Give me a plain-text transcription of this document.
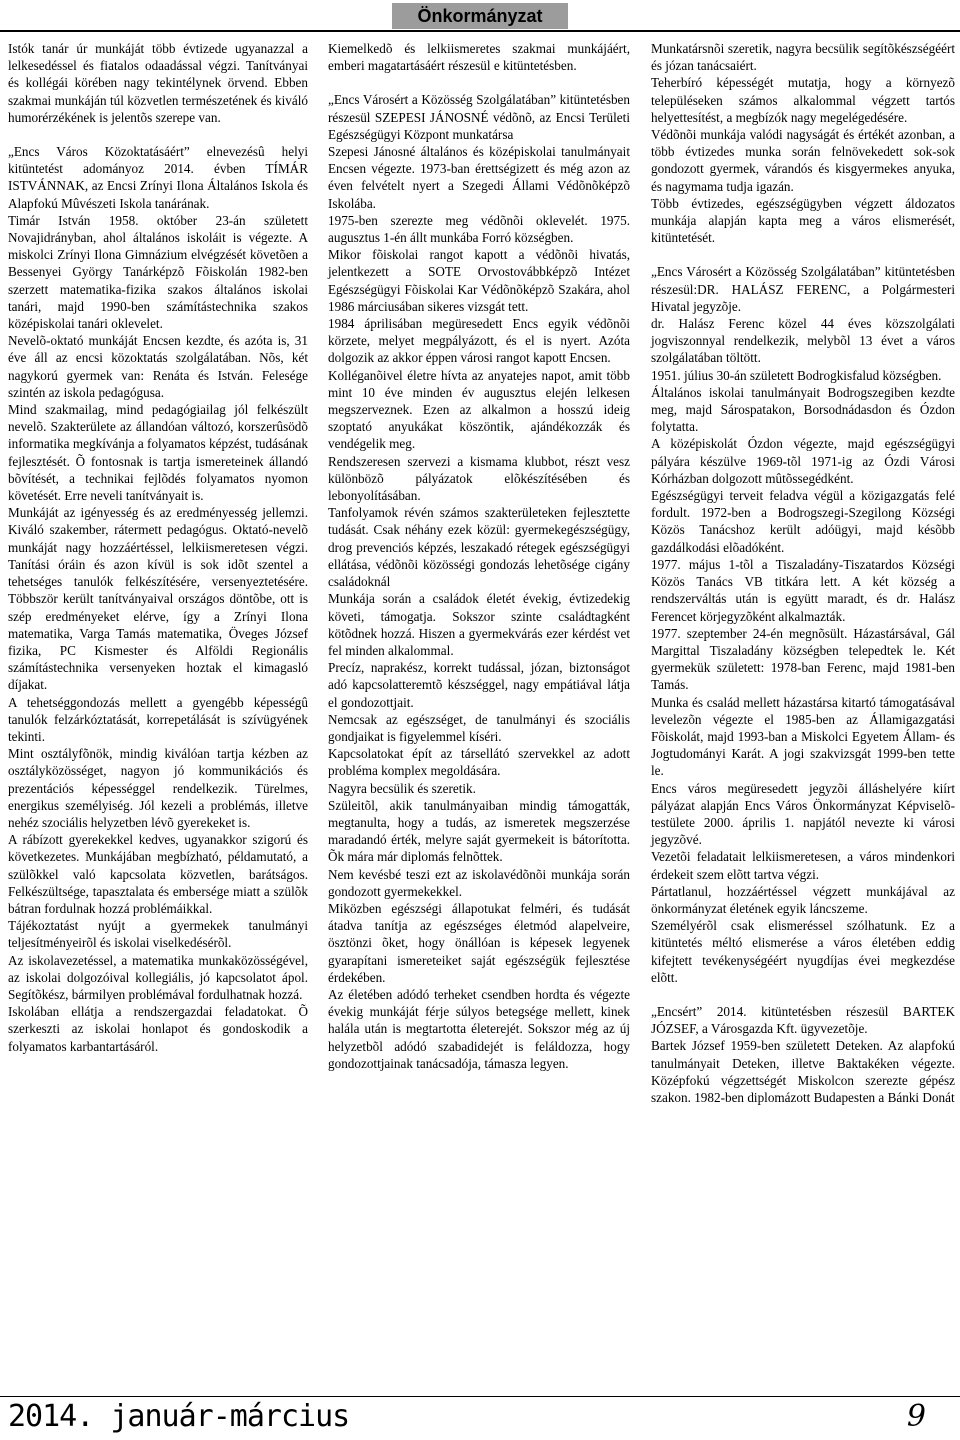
Önkormányzat

Istók tanár úr munkáját több évtizede ugyanazzal a lelkesedéssel és fiatalos odaadással végzi. Tanítványai és kollégái körében nagy tekintélynek örvend. Ebben szakmai munkáján túl közvetlen természetének és kiváló humorérzékének is jelentõs szerepe van.

„Encs Város Közoktatásáért” elnevezésû helyi kitüntetést adományoz 2014. évben TÍMÁR ISTVÁNNAK, az Encsi Zrínyi Ilona Általános Iskola és Alapfokú Mûvészeti Iskola tanárának.

Timár István 1958. október 23-án született Novajidrányban, ahol általános iskoláit is végezte. A miskolci Zrínyi Ilona Gimnázium elvégzését követõen a Bessenyei György Tanárképzõ Fõiskolán 1982-ben szerzett matematika-fizika szakos általános iskolai tanári, majd 1990-ben számítástechnika szakos középiskolai tanári oklevelet.

Nevelõ-oktató munkáját Encsen kezdte, és azóta is, 31 éve áll az encsi közoktatás szolgálatában. Nõs, két nagykorú gyermek van: Renáta és István. Felesége szintén az iskola pedagógusa.

Mind szakmailag, mind pedagógiailag jól felkészült nevelõ. Szakterülete az állandóan változó, korszerûsödõ informatika megkívánja a folyamatos képzést, tudásának fejlesztését. Õ fontosnak is tartja ismereteinek állandó bõvítését, a technikai fejlõdés folyamatos nyomon követését. Erre neveli tanítványait is.

Munkáját az igényesség és az eredményesség jellemzi. Kiváló szakember, rátermett pedagógus. Oktató-nevelõ munkáját nagy hozzáértéssel, lelkiismeretesen végzi. Tanítási óráin és azon kívül is sok idõt szentel a tehetséges tanulók felkészítésére, versenyeztetésére. Többször került tanítványaival országos döntõbe, ott is szép eredményeket elérve, így a Zrínyi Ilona matematika, Varga Tamás matematika, Öveges József fizika, PC Kismester és Alföldi Regionális számítástechnika versenyeken hoztak el kimagasló díjakat.

A tehetséggondozás mellett a gyengébb képességû tanulók felzárkóztatását, korrepetálását is szívügyének tekinti.

Mint osztályfõnök, mindig kiválóan tartja kézben az osztályközösséget, nagyon jó kommunikációs és prezentációs képességgel rendelkezik. Türelmes, energikus személyiség. Jól kezeli a problémás, illetve nehéz szociális helyzetben lévõ gyerekeket is.

A rábízott gyerekekkel kedves, ugyanakkor szigorú és következetes. Munkájában megbízható, példamutató, a szülõkkel való kapcsolata közvetlen, barátságos. Felkészültsége, tapasztalata és embersége miatt a szülõk bátran fordulnak hozzá problémáikkal.

Tájékoztatást nyújt a gyermekek tanulmányi teljesítményeirõl és iskolai viselkedésérõl.

Az iskolavezetéssel, a matematika munkaközösségével, az iskolai dolgozóival kollegiális, jó kapcsolatot ápol. Segítõkész, bármilyen problémával fordulhatnak hozzá.

Iskolában ellátja a rendszergazdai feladatokat. Õ szerkeszti az iskolai honlapot és gondoskodik a folyamatos karbantartásáról.

Kiemelkedõ és lelkiismeretes szakmai munkájáért, emberi magatartásáért részesül e kitüntetésben.

„Encs Városért a Közösség Szolgálatában” kitüntetésben részesül SZEPESI JÁNOSNÉ védõnõ, az Encsi Területi Egészségügyi Központ munkatársa

Szepesi Jánosné általános és középiskolai tanulmányait Encsen végezte. 1973-ban érettségizett és még azon az éven felvételt nyert a Szegedi Állami Védõnõképzõ Iskolába.

1975-ben szerezte meg védõnõi oklevelét. 1975. augusztus 1-én állt munkába Forró községben.

Mikor fõiskolai rangot kapott a védõnõi hivatás, jelentkezett a SOTE Orvostovábbképzõ Intézet Egészségügyi Fõiskolai Kar Védõnõképzõ Szakára, ahol 1986 márciusában sikeres vizsgát tett.

1984 áprilisában megüresedett Encs egyik védõnõi körzete, melyet megpályázott, és el is nyert. Azóta dolgozik az akkor éppen városi rangot kapott Encsen.

Kolléganõivel életre hívta az anyatejes napot, amit több mint 10 éve minden év augusztus elején lelkesen megszerveznek. Ezen az alkalmon a hosszú ideig szoptató anyukákat köszöntik, ajándékozzák és vendégelik meg.

Rendszeresen szervezi a kismama klubbot, részt vesz különbözõ pályázatok elõkészítésében és lebonyolításában.

Tanfolyamok révén számos szakterületeken fejlesztette tudását. Csak néhány ezek közül: gyermekegészségügy, drog prevenciós képzés, leszakadó rétegek egészségügyi ellátása, védõnõi közösségi gondozás lehetõsége cigány családoknál

Munkája során a családok életét évekig, évtizedekig követi, támogatja. Sokszor szinte családtagként kötõdnek hozzá. Hiszen a gyermekvárás ezer kérdést vet fel minden alkalommal.

Precíz, naprakész, korrekt tudással, józan, biztonságot adó kapcsolatteremtõ készséggel, nagy empátiával látja el gondozottjait.

Nemcsak az egészséget, de tanulmányi és szociális gondjaikat is figyelemmel kíséri.

Kapcsolatokat épít az társellátó szervekkel az adott probléma komplex megoldására.

Nagyra becsülik és szeretik.

Szüleitõl, akik tanulmányaiban mindig támogatták, megtanulta, hogy a tudás, az ismeretek megszerzése maradandó érték, melyre saját gyermekeit is bátorította. Õk mára már diplomás felnõttek.

Nem kevésbé teszi ezt az iskolavédõnõi munkája során gondozott gyermekekkel.

Miközben egészségi állapotukat felméri, és tudását átadva tanítja az egészséges életmód alapelveire, ösztönzi õket, hogy önállóan is képesek legyenek gyarapítani ismereteiket saját egészségük fejlesztése érdekében.

Az életében adódó terheket csendben hordta és végezte évekig munkáját férje súlyos betegsége mellett, kinek halála után is megtartotta életerejét. Sokszor még az új helyzetbõl adódó szabadidejét is feláldozza, hogy gondozottjainak tanácsadója, támasza legyen.

Munkatársnõi szeretik, nagyra becsülik segítõkészségéért és józan tanácsaiért.

Teherbíró képességét mutatja, hogy a környezõ településeken számos alkalommal végzett tartós helyettesítést, a megbízók nagy megelégedésére.

Védõnõi munkája valódi nagyságát és értékét azonban, a több évtizedes munka során felnövekedett sok-sok gondozott gyermek, várandós és kisgyermekes anyuka, és nagymama tudja igazán.

Több évtizedes, egészségügyben végzett áldozatos munkája alapján kapta meg a város elismerését, kitüntetését.

„Encs Városért a Közösség Szolgálatában” kitüntetésben részesül:DR. HALÁSZ FERENC, a Polgármesteri Hivatal jegyzõje.

dr. Halász Ferenc közel 44 éves közszolgálati jogviszonnyal rendelkezik, melybõl 13 évet a város szolgálatában töltött.

1951. július 30-án született Bodrogkisfalud községben.

Általános iskolai tanulmányait Bodrogszegiben kezdte meg, majd Sárospatakon, Borsodnádasdon és Ózdon folytatta.

A középiskolát Ózdon végezte, majd egészségügyi pályára készülve 1969-tõl 1971-ig az Ózdi Városi Kórházban dolgozott mûtõssegédként.

Egészségügyi terveit feladva végül a közigazgatás felé fordult. 1972-ben a Bodrogszegi-Szegilong Községi Közös Tanácshoz került adóügyi, majd késõbb gazdálkodási elõadóként.

1977. május 1-tõl a Tiszaladány-Tiszatardos Községi Közös Tanács VB titkára lett. A két község a rendszerváltás után is együtt maradt, és dr. Halász Ferencet körjegyzõként alkalmazták.

1977. szeptember 24-én megnõsült. Házastársával, Gál Margittal Tiszaladány községben telepedtek le. Két gyermekük született: 1978-ban Ferenc, majd 1981-ben Tamás.

Munka és család mellett házastársa kitartó támogatásával levelezõn végezte el 1985-ben az Államigazgatási Fõiskolát, majd 1993-ban a Miskolci Egyetem Állam- és Jogtudományi Karát. A jogi szakvizsgát 1999-ben tette le.

Encs város megüresedett jegyzõi álláshelyére kiírt pályázat alapján Encs Város Önkormányzat Képviselõ-testülete 2000. április 1. napjától nevezte ki városi jegyzõvé.

Vezetõi feladatait lelkiismeretesen, a város mindenkori érdekeit szem elõtt tartva végzi.

Pártatlanul, hozzáértéssel végzett munkájával az önkormányzat életének egyik láncszeme.

Személyérõl csak elismeréssel szólhatunk. Ez a kitüntetés méltó elismerése a város életében eddig kifejtett tevékenységéért nyugdíjas évei megkezdése elõtt.

„Encsért” 2014. kitüntetésben részesül BARTEK JÓZSEF, a Városgazda Kft. ügyvezetõje.

Bartek József 1959-ben született Deteken. Az alapfokú tanulmányait Deteken, illetve Baktakéken végezte. Középfokú végzettségét Miskolcon szerezte gépész szakon. 1982-ben diplomázott Budapesten a Bánki Donát

2014. január-március	9
